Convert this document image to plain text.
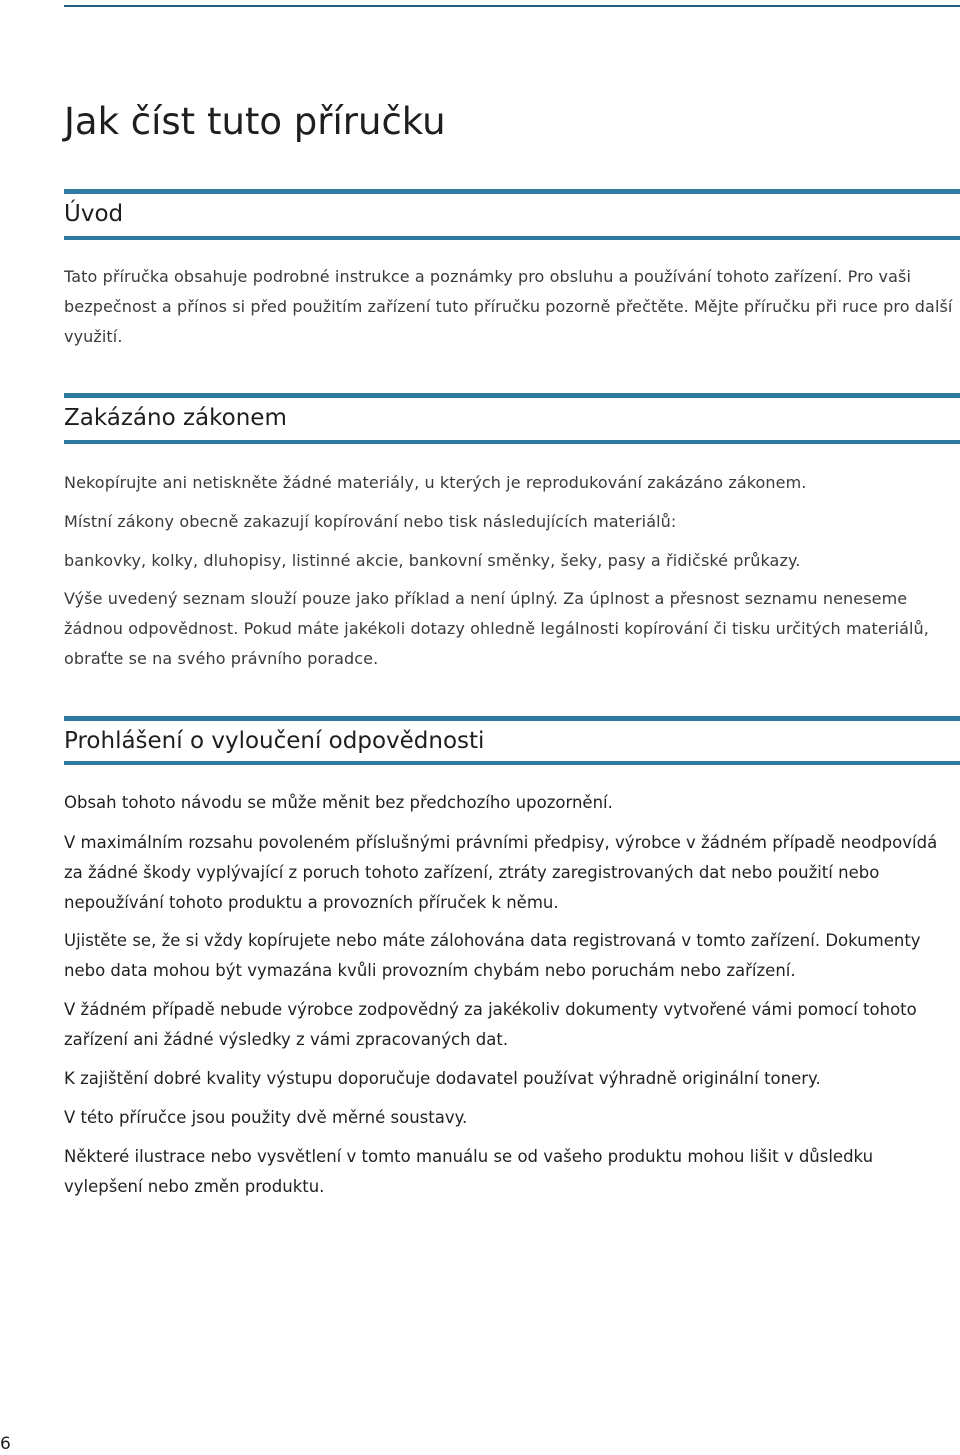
Jak číst tuto příručku
Úvod

Tato příručka obsahuje podrobné instrukce a poznámky pro obsluhu a používání tohoto zařízení. Pro vaši bezpečnost a přínos si před použitím zařízení tuto příručku pozorně přečtěte. Mějte příručku při ruce pro další využití.

Zakázáno zákonem

Nekopírujte ani netiskněte žádné materiály, u kterých je reprodukování zakázáno zákonem.

Místní zákony obecně zakazují kopírování nebo tisk následujících materiálů:

bankovky, kolky, dluhopisy, listinné akcie, bankovní směnky, šeky, pasy a řidičské průkazy.

Výše uvedený seznam slouží pouze jako příklad a není úplný. Za úplnost a přesnost seznamu neneseme žádnou odpovědnost. Pokud máte jakékoli dotazy ohledně legálnosti kopírování či tisku určitých materiálů, obraťte se na svého právního poradce.

Prohlášení o vyloučení odpovědnosti

Obsah tohoto návodu se může měnit bez předchozího upozornění.

V maximálním rozsahu povoleném příslušnými právními předpisy, výrobce v žádném případě neodpovídá za žádné škody vyplývající z poruch tohoto zařízení, ztráty zaregistrovaných dat nebo použití nebo nepoužívání tohoto produktu a provozních příruček k němu.

Ujistěte se, že si vždy kopírujete nebo máte zálohována data registrovaná v tomto zařízení. Dokumenty nebo data mohou být vymazána kvůli provozním chybám nebo poruchám nebo zařízení.

V žádném případě nebude výrobce zodpovědný za jakékoliv dokumenty vytvořené vámi pomocí tohoto zařízení ani žádné výsledky z vámi zpracovaných dat.

K zajištění dobré kvality výstupu doporučuje dodavatel používat výhradně originální tonery.

V této příručce jsou použity dvě měrné soustavy.

Některé ilustrace nebo vysvětlení v tomto manuálu se od vašeho produktu mohou lišit v důsledku vylepšení nebo změn produktu.

6
